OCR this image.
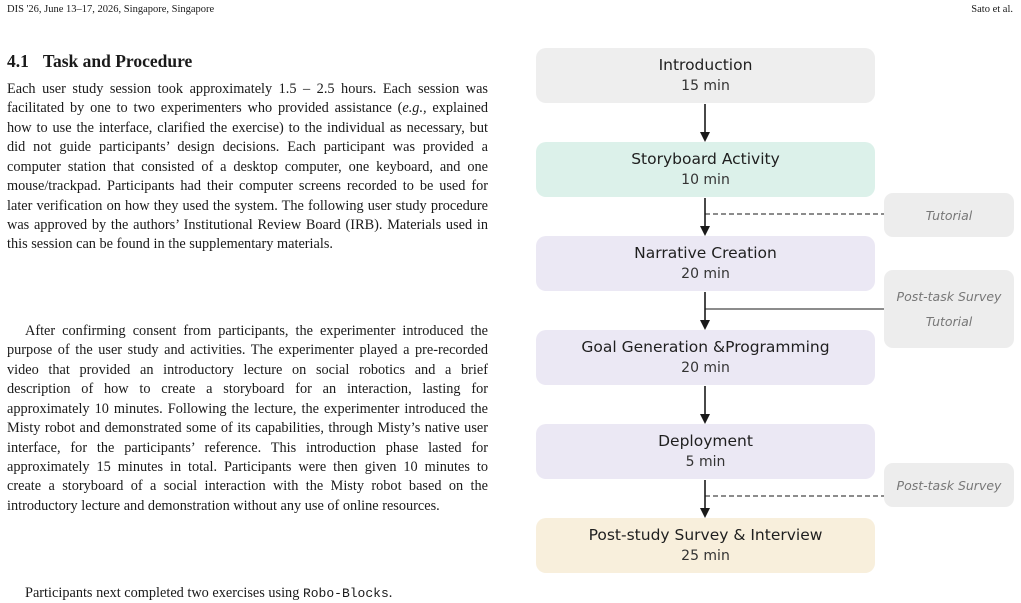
DIS '26, June 13–17, 2026, Singapore, Singapore	Sato et al.
4.1 Task and Procedure

Each user study session took approximately 1.5 – 2.5 hours. Each session was facilitated by one to two experimenters who provided assistance (e.g., explained how to use the interface, clarified the exercise) to the individual as necessary, but did not guide participants’ design decisions. Each participant was provided a computer station that consisted of a desktop computer, one keyboard, and one mouse/trackpad. Participants had their computer screens recorded to be used for later verification on how they used the system. The following user study procedure was approved by the authors’ Institutional Review Board (IRB). Materials used in this session can be found in the supplementary materials.

After confirming consent from participants, the experimenter introduced the purpose of the user study and activities. The experimenter played a pre-recorded video that provided an introductory lecture on social robotics and a brief description of how to create a storyboard for an interaction, lasting for approximately 10 minutes. Following the lecture, the experimenter introduced the Misty robot and demonstrated some of its capabilities, through Misty’s native user interface, for the participants’ reference. This introduction phase lasted for approximately 15 minutes in total. Participants were then given 10 minutes to create a storyboard of a social interaction with the Misty robot based on the introductory lecture and demonstration without any use of online resources.

Participants next completed two exercises using Robo-Blocks.

Introduction
15 min
Storyboard Activity
10 min
Narrative Creation
20 min
Goal Generation &Programming
20 min
Deployment
5 min
Post-study Survey & Interview
25 min
Tutorial
Post-task Survey
Tutorial
Post-task Survey
